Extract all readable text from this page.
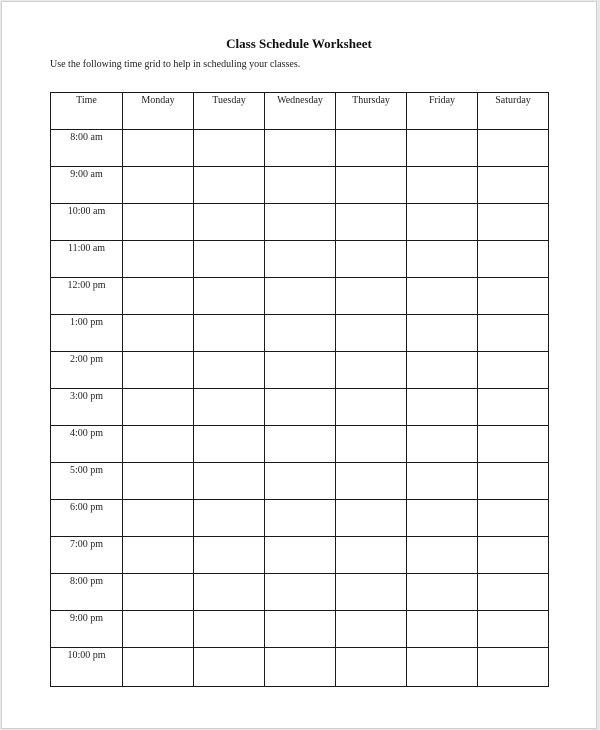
Class Schedule Worksheet
Use the following time grid to help in scheduling your classes.
Time	Monday	Tuesday	Wednesday	Thursday	Friday	Saturday
8:00 am						
9:00 am						
10:00 am						
11:00 am						
12:00 pm						
1:00 pm						
2:00 pm						
3:00 pm						
4:00 pm						
5:00 pm						
6:00 pm						
7:00 pm						
8:00 pm						
9:00 pm						
10:00 pm						
